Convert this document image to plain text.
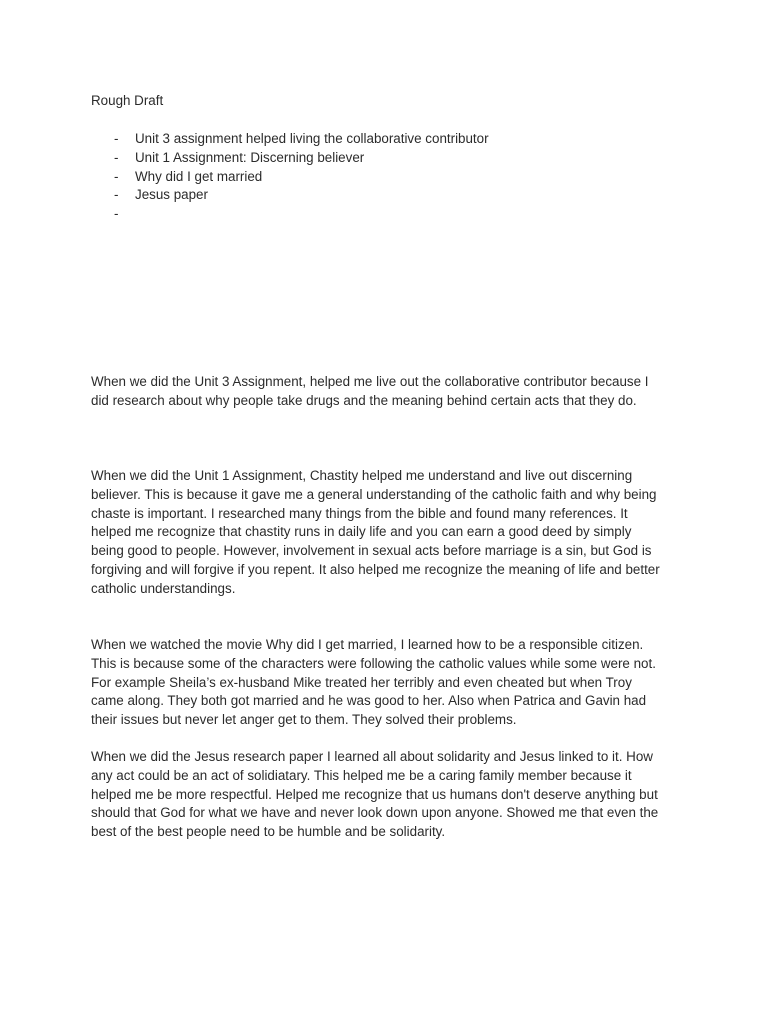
Rough Draft
- Unit 3 assignment helped living the collaborative contributor
- Unit 1 Assignment: Discerning believer
- Why did I get married
- Jesus paper
-

When we did the Unit 3 Assignment, helped me live out the collaborative contributor because I
did research about why people take drugs and the meaning behind certain acts that they do.

When we did the Unit 1 Assignment, Chastity helped me understand and live out discerning
believer. This is because it gave me a general understanding of the catholic faith and why being
chaste is important. I researched many things from the bible and found many references. It
helped me recognize that chastity runs in daily life and you can earn a good deed by simply
being good to people. However, involvement in sexual acts before marriage is a sin, but God is
forgiving and will forgive if you repent. It also helped me recognize the meaning of life and better
catholic understandings.

When we watched the movie Why did I get married, I learned how to be a responsible citizen.
This is because some of the characters were following the catholic values while some were not.
For example Sheila’s ex-husband Mike treated her terribly and even cheated but when Troy
came along. They both got married and he was good to her. Also when Patrica and Gavin had
their issues but never let anger get to them. They solved their problems.

When we did the Jesus research paper I learned all about solidarity and Jesus linked to it. How
any act could be an act of solidiatary. This helped me be a caring family member because it
helped me be more respectful. Helped me recognize that us humans don't deserve anything but
should that God for what we have and never look down upon anyone. Showed me that even the
best of the best people need to be humble and be solidarity.
